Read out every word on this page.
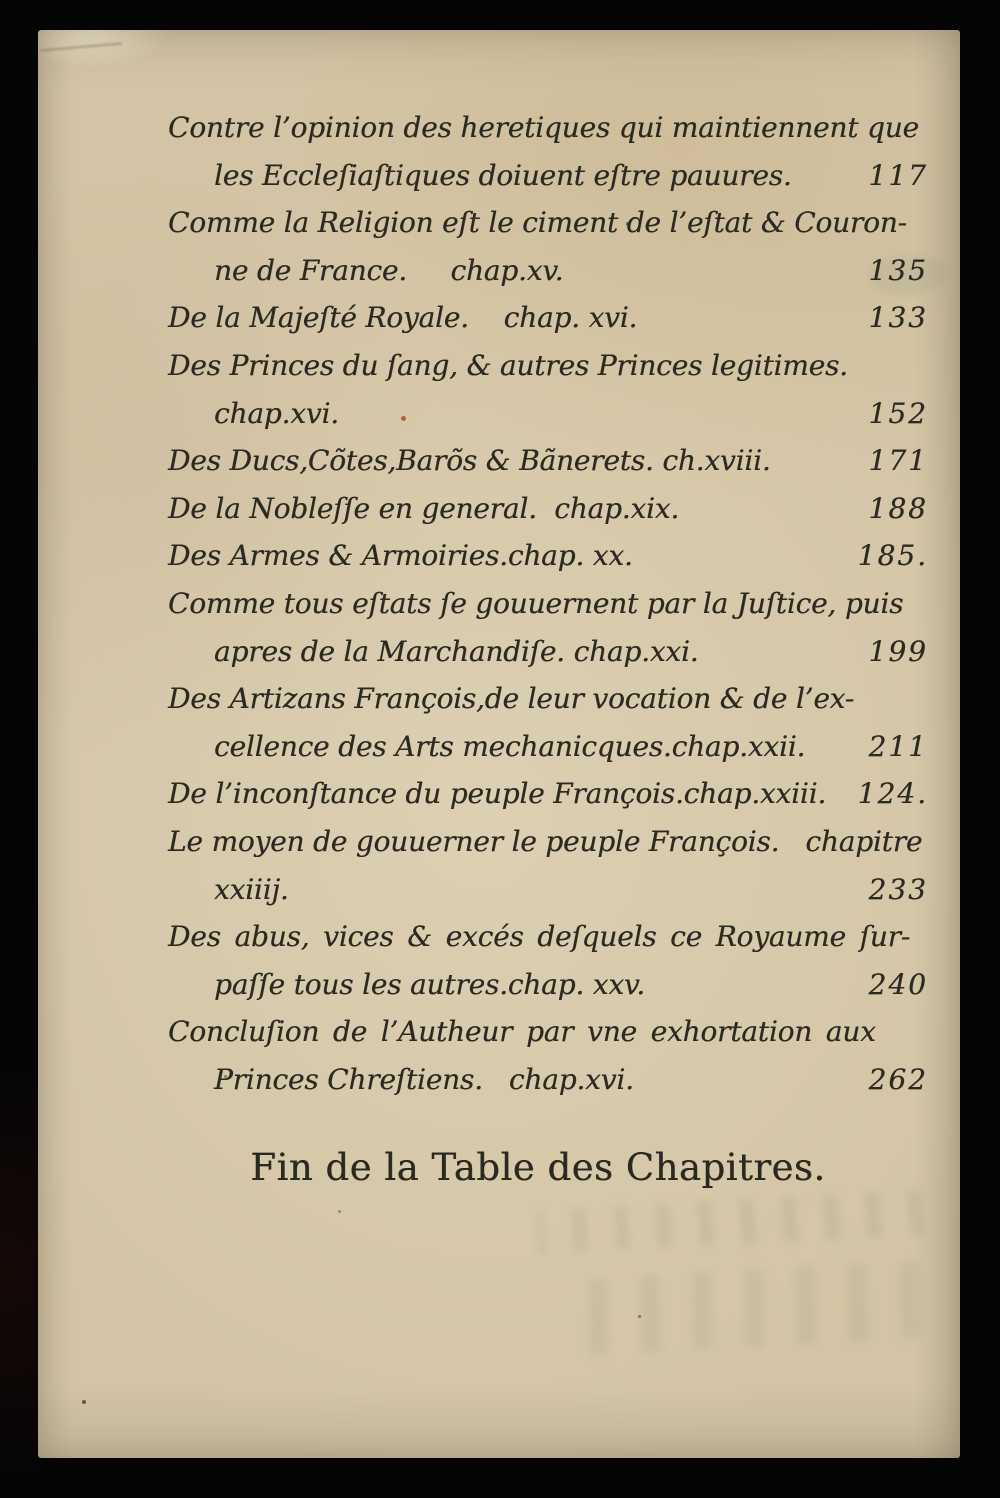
Contre l’opinion des heretiques qui maintiennent que
les Eccleſiaſtiques doiuent eſtre pauures.	117
Comme la Religion eſt le ciment de l’eſtat & Couron-
ne de France.     chap.xv.	135
De la Majeſté Royale.    chap. xvi.	133
Des Princes du ſang, & autres Princes legitimes.
chap.xvi.	152
Des Ducs,Cõtes,Barõs & Bãnerets. ch.xviii.	171
De la Nobleſſe en general.  chap.xix.	188
Des Armes & Armoiries.chap. xx.	185.
Comme tous eſtats ſe gouuernent par la Juſtice, puis
apres de la Marchandiſe. chap.xxi.	199
Des Artizans François,de leur vocation & de l’ex-
cellence des Arts mechanicques.chap.xxii. 211
De l’inconſtance du peuple François.chap.xxiii. 124.
Le moyen de gouuerner le peuple François.   chapitre
xxiiij.	233
Des abus, vices & excés deſquels ce Royaume ſur-
paſſe tous les autres.chap. xxv.	240
Concluſion de l’Autheur par vne exhortation aux
Princes Chreſtiens.   chap.xvi.	262
Fin de la Table des Chapitres.
